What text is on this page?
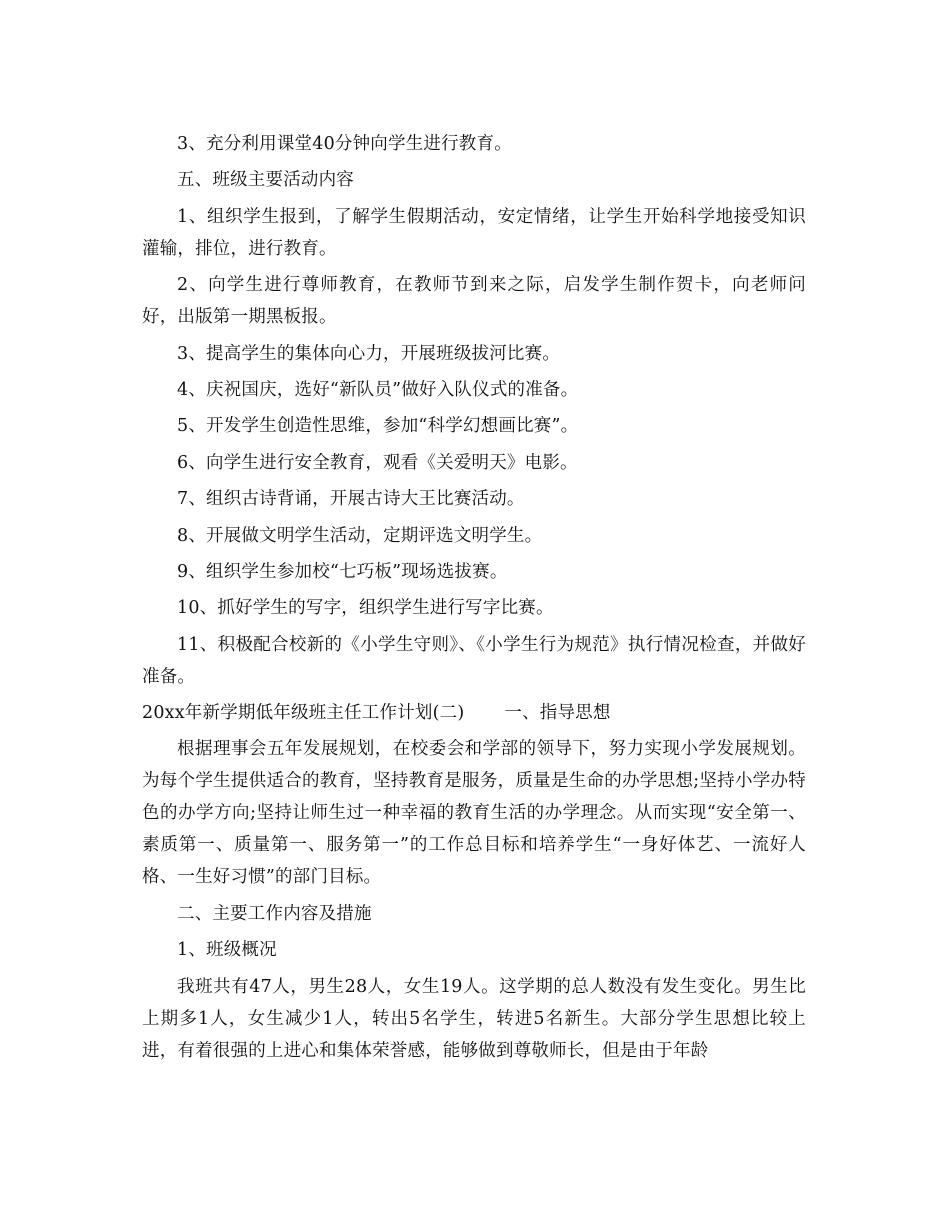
3、充分利用课堂40分钟向学生进行教育。

五、班级主要活动内容

1、组织学生报到，了解学生假期活动，安定情绪，让学生开始科学地接受知识灌输，排位，进行教育。

2、向学生进行尊师教育，在教师节到来之际，启发学生制作贺卡，向老师问好，出版第一期黑板报。

3、提高学生的集体向心力，开展班级拔河比赛。

4、庆祝国庆，选好“新队员”做好入队仪式的准备。

5、开发学生创造性思维，参加“科学幻想画比赛”。

6、向学生进行安全教育，观看《关爱明天》电影。

7、组织古诗背诵，开展古诗大王比赛活动。

8、开展做文明学生活动，定期评选文明学生。

9、组织学生参加校“七巧板”现场选拔赛。

10、抓好学生的写字，组织学生进行写字比赛。

11、积极配合校新的《小学生守则》、《小学生行为规范》执行情况检查，并做好准备。

20xx年新学期低年级班主任工作计划(二) 一、指导思想

根据理事会五年发展规划，在校委会和学部的领导下，努力实现小学发展规划。为每个学生提供适合的教育，坚持教育是服务，质量是生命的办学思想;坚持小学办特色的办学方向;坚持让师生过一种幸福的教育生活的办学理念。从而实现“安全第一、素质第一、质量第一、服务第一”的工作总目标和培养学生“一身好体艺、一流好人格、一生好习惯”的部门目标。

二、主要工作内容及措施

1、班级概况

我班共有47人，男生28人，女生19人。这学期的总人数没有发生变化。男生比上期多1人，女生减少1人，转出5名学生，转进5名新生。大部分学生思想比较上进，有着很强的上进心和集体荣誉感，能够做到尊敬师长，但是由于年龄
